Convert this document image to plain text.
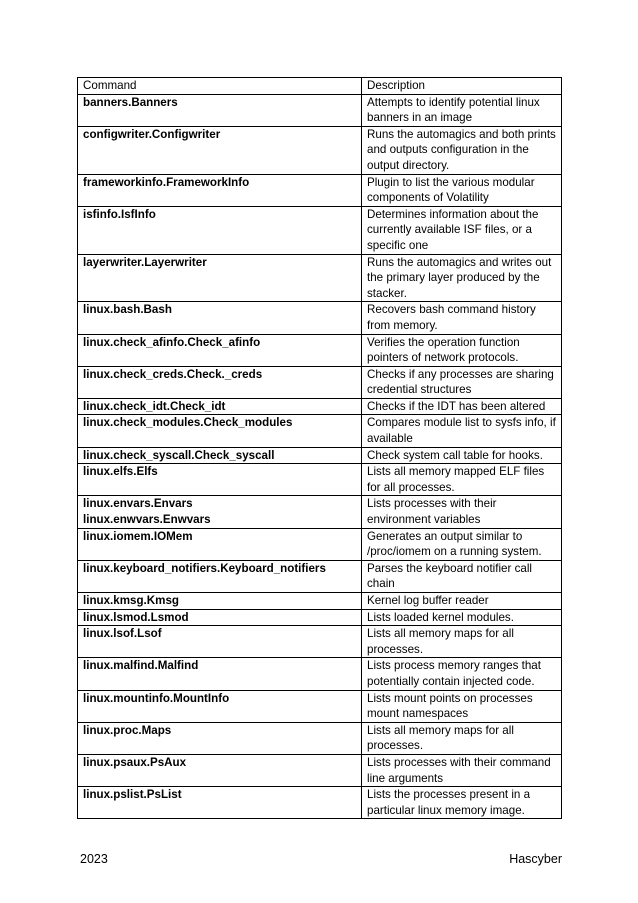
Command	Description

banners.Banners	Attempts to identify potential linux banners in an image

configwriter.Configwriter	Runs the automagics and both prints and outputs configuration in the output directory.

frameworkinfo.FrameworkInfo	Plugin to list the various modular components of Volatility

isfinfo.IsfInfo	Determines information about the currently available ISF files, or a specific one

layerwriter.Layerwriter	Runs the automagics and writes out the primary layer produced by the stacker.

linux.bash.Bash	Recovers bash command history from memory.

linux.check_afinfo.Check_afinfo	Verifies the operation function pointers of network protocols.

linux.check_creds.Check._creds	Checks if any processes are sharing credential structures

linux.check_idt.Check_idt	Checks if the IDT has been altered

linux.check_modules.Check_modules	Compares module list to sysfs info, if available

linux.check_syscall.Check_syscall	Check system call table for hooks.

linux.elfs.Elfs	Lists all memory mapped ELF files for all processes.

linux.envars.Envars
linux.enwvars.Enwvars	Lists processes with their environment variables

linux.iomem.IOMem	Generates an output similar to /proc/iomem on a running system.

linux.keyboard_notifiers.Keyboard_notifiers	Parses the keyboard notifier call chain

linux.kmsg.Kmsg	Kernel log buffer reader

linux.lsmod.Lsmod	Lists loaded kernel modules.

linux.lsof.Lsof	Lists all memory maps for all processes.

linux.malfind.Malfind	Lists process memory ranges that potentially contain injected code.

linux.mountinfo.MountInfo	Lists mount points on processes mount namespaces

linux.proc.Maps	Lists all memory maps for all processes.

linux.psaux.PsAux	Lists processes with their command line arguments

linux.pslist.PsList	Lists the processes present in a particular linux memory image.
2023	Hascyber
